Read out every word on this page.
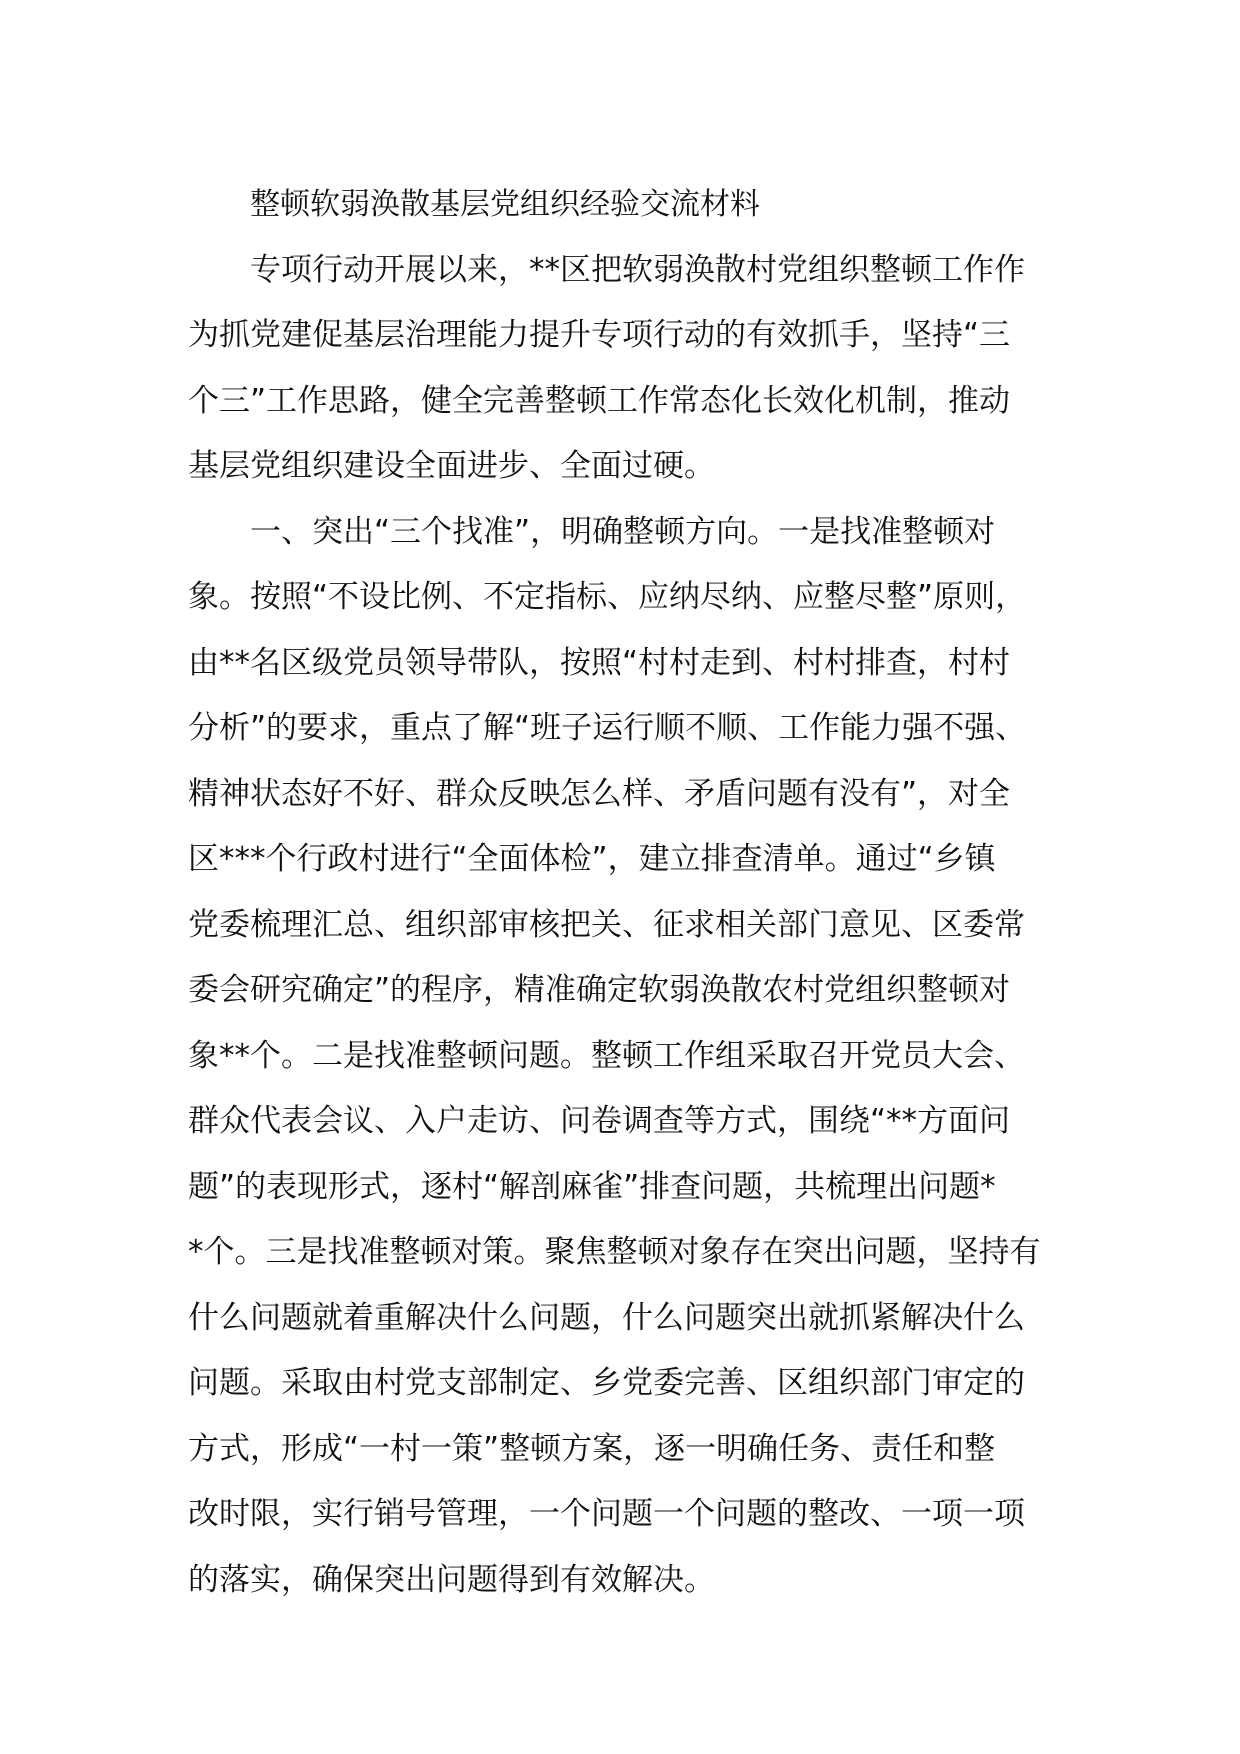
整顿软弱涣散基层党组织经验交流材料
专项行动开展以来，**区把软弱涣散村党组织整顿工作作
为抓党建促基层治理能力提升专项行动的有效抓手，坚持“三
个三”工作思路，健全完善整顿工作常态化长效化机制，推动
基层党组织建设全面进步、全面过硬。
一、突出“三个找准”，明确整顿方向。一是找准整顿对
象。按照“不设比例、不定指标、应纳尽纳、应整尽整”原则，
由**名区级党员领导带队，按照“村村走到、村村排查，村村
分析”的要求，重点了解“班子运行顺不顺、工作能力强不强、
精神状态好不好、群众反映怎么样、矛盾问题有没有”，对全
区***个行政村进行“全面体检”，建立排查清单。通过“乡镇
党委梳理汇总、组织部审核把关、征求相关部门意见、区委常
委会研究确定”的程序，精准确定软弱涣散农村党组织整顿对
象**个。二是找准整顿问题。整顿工作组采取召开党员大会、
群众代表会议、入户走访、问卷调查等方式，围绕“**方面问
题”的表现形式，逐村“解剖麻雀”排查问题，共梳理出问题*
*个。三是找准整顿对策。聚焦整顿对象存在突出问题，坚持有
什么问题就着重解决什么问题，什么问题突出就抓紧解决什么
问题。采取由村党支部制定、乡党委完善、区组织部门审定的
方式，形成“一村一策”整顿方案，逐一明确任务、责任和整
改时限，实行销号管理，一个问题一个问题的整改、一项一项
的落实，确保突出问题得到有效解决。
